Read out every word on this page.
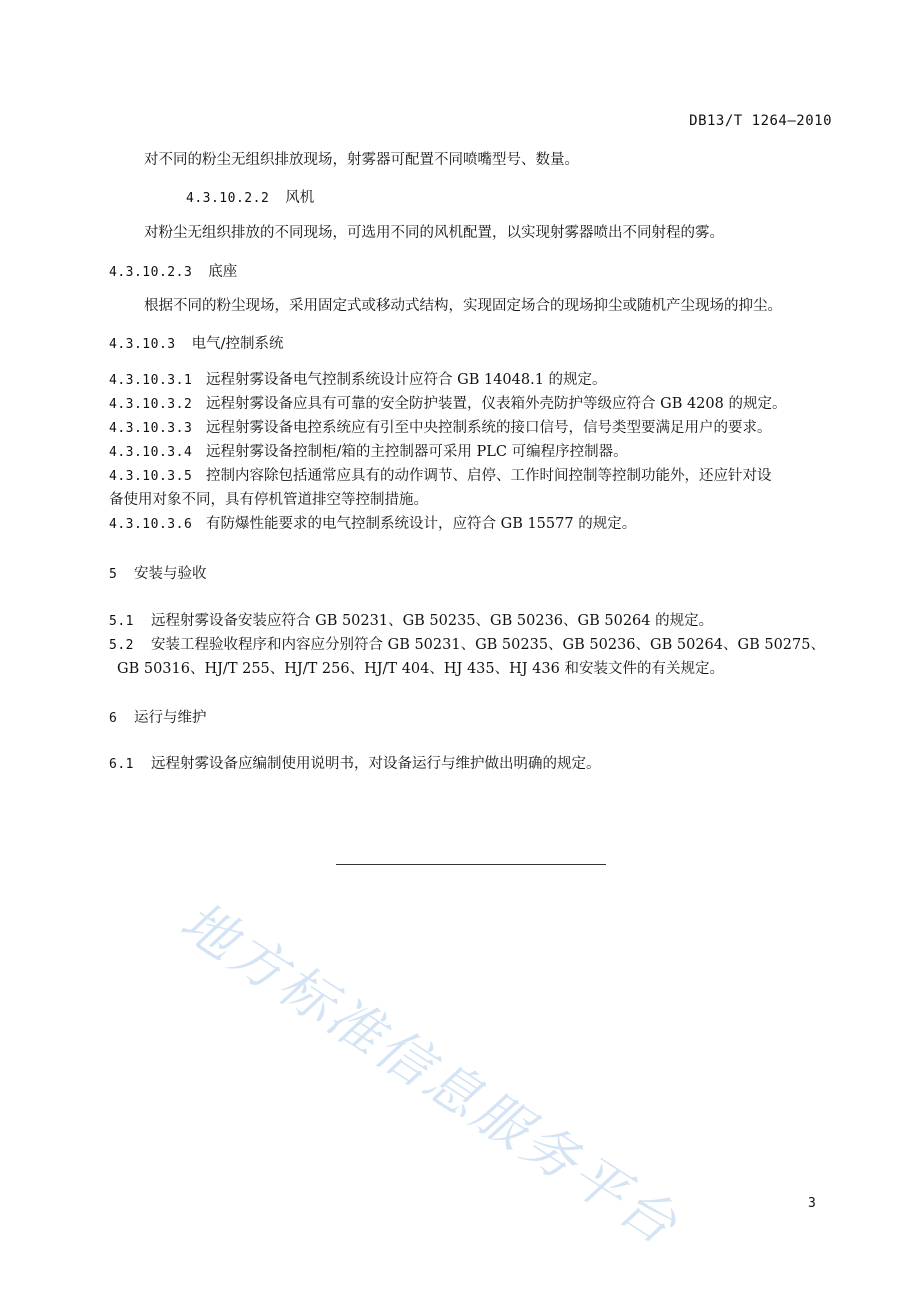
DB13/T 1264—2010
对不同的粉尘无组织排放现场，射雾器可配置不同喷嘴型号、数量。
4.3.10.2.2 风机
对粉尘无组织排放的不同现场，可选用不同的风机配置，以实现射雾器喷出不同射程的雾。
4.3.10.2.3 底座
根据不同的粉尘现场，采用固定式或移动式结构，实现固定场合的现场抑尘或随机产尘现场的抑尘。
4.3.10.3 电气/控制系统
4.3.10.3.1 远程射雾设备电气控制系统设计应符合 GB 14048.1 的规定。
4.3.10.3.2 远程射雾设备应具有可靠的安全防护装置，仪表箱外壳防护等级应符合 GB 4208 的规定。
4.3.10.3.3 远程射雾设备电控系统应有引至中央控制系统的接口信号，信号类型要满足用户的要求。
4.3.10.3.4 远程射雾设备控制柜/箱的主控制器可采用 PLC 可编程序控制器。
4.3.10.3.5 控制内容除包括通常应具有的动作调节、启停、工作时间控制等控制功能外，还应针对设
备使用对象不同，具有停机管道排空等控制措施。
4.3.10.3.6 有防爆性能要求的电气控制系统设计，应符合 GB 15577 的规定。
5	安装与验收
5.1	远程射雾设备安装应符合 GB 50231、GB 50235、GB 50236、GB 50264 的规定。
5.2	安装工程验收程序和内容应分别符合 GB 50231、GB 50235、GB 50236、GB 50264、GB 50275、
GB 50316、HJ/T 255、HJ/T 256、HJ/T 404、HJ 435、HJ 436 和安装文件的有关规定。
6	运行与维护
6.1	远程射雾设备应编制使用说明书，对设备运行与维护做出明确的规定。
地方标准信息服务平台	3
